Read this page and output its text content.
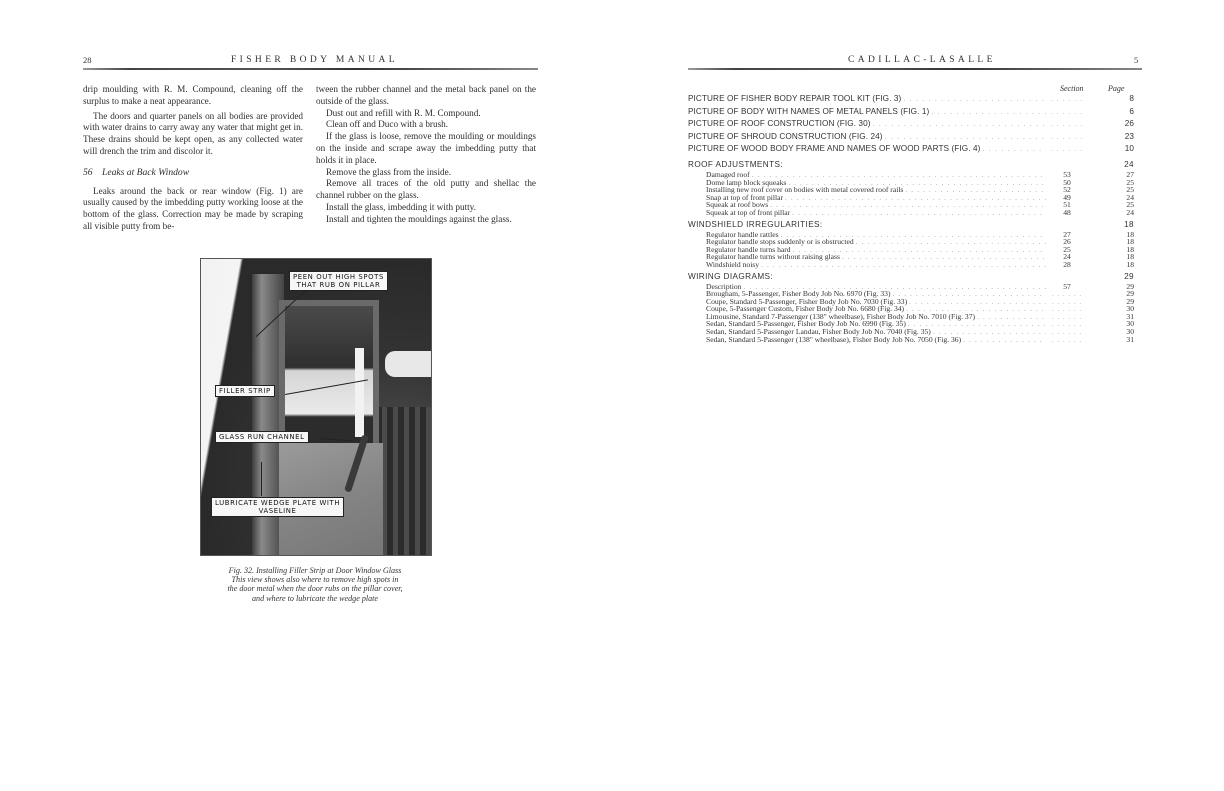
28	FISHER BODY MANUAL

drip moulding with R. M. Compound, cleaning off the surplus to make a neat appearance.

The doors and quarter panels on all bodies are provided with water drains to carry away any water that might get in. These drains should be kept open, as any collected water will drench the trim and discolor it.

56 Leaks at Back Window

Leaks around the back or rear window (Fig. 1) are usually caused by the imbedding putty working loose at the bottom of the glass. Correction may be made by scraping all visible putty from be-

tween the rubber channel and the metal back panel on the outside of the glass.

Dust out and refill with R. M. Compound.

Clean off and Duco with a brush.

If the glass is loose, remove the moulding or mouldings on the inside and scrape away the imbedding putty that holds it in place.

Remove the glass from the inside.

Remove all traces of the old putty and shellac the channel rubber on the glass.

Install the glass, imbedding it with putty.

Install and tighten the mouldings against the glass.

PEEN OUT HIGH SPOTS
THAT RUB ON PILLAR
FILLER STRIP
GLASS RUN CHANNEL
LUBRICATE WEDGE PLATE WITH
VASELINE
Fig. 32. Installing Filler Strip at Door Window Glass
This view shows also where to remove high spots in
the door metal when the door rubs on the pillar cover,
and where to lubricate the wedge plate
CADILLAC-LASALLE	5
Section	Page
PICTURE OF FISHER BODY REPAIR TOOL KIT (FIG. 3) . . .	. . . . . .	8
PICTURE OF BODY WITH NAMES OF METAL PANELS (FIG. 1) . . .	. . . . . .	6
PICTURE OF ROOF CONSTRUCTION (FIG. 30) . . .	. . . . . .	26
PICTURE OF SHROUD CONSTRUCTION (FIG. 24) . . .	. . . . . .	23
PICTURE OF WOOD BODY FRAME AND NAMES OF WOOD PARTS (FIG. 4) . . .	. . . . . .	10
ROOF ADJUSTMENTS:	24
Damaged roof . . .	53	27
Dome lamp block squeaks . . .	50	25
Installing new roof cover on bodies with metal covered roof rails . . .	52	25
Snap at top of front pillar . . .	49	24
Squeak at roof bows . . .	51	25
Squeak at top of front pillar . . .	48	24
WINDSHIELD IRREGULARITIES:	18
Regulator handle rattles . . .	27	18
Regulator handle stops suddenly or is obstructed . . .	26	18
Regulator handle turns hard . . .	25	18
Regulator handle turns without raising glass . . .	24	18
Windshield noisy . . .	28	18
WIRING DIAGRAMS:	29
Description . . .	57	29
Brougham, 5-Passenger, Fisher Body Job No. 6970 (Fig. 33) . . .	. . . . . .	29
Coupe, Standard 5-Passenger, Fisher Body Job No. 7030 (Fig. 33) . . .	. . . . . .	29
Coupe, 5-Passenger Custom, Fisher Body Job No. 6680 (Fig. 34) . . .	. . . . . .	30
Limousine, Standard 7-Passenger (138" wheelbase), Fisher Body Job No. 7010 (Fig. 37) . . .	. . . . . .	31
Sedan, Standard 5-Passenger, Fisher Body Job No. 6990 (Fig. 35) . . .	. . . . . .	30
Sedan, Standard 5-Passenger Landau, Fisher Body Job No. 7040 (Fig. 35) . . .	. . . . . .	30
Sedan, Standard 5-Passenger (138" wheelbase), Fisher Body Job No. 7050 (Fig. 36) . . .	. . . . . .	31
